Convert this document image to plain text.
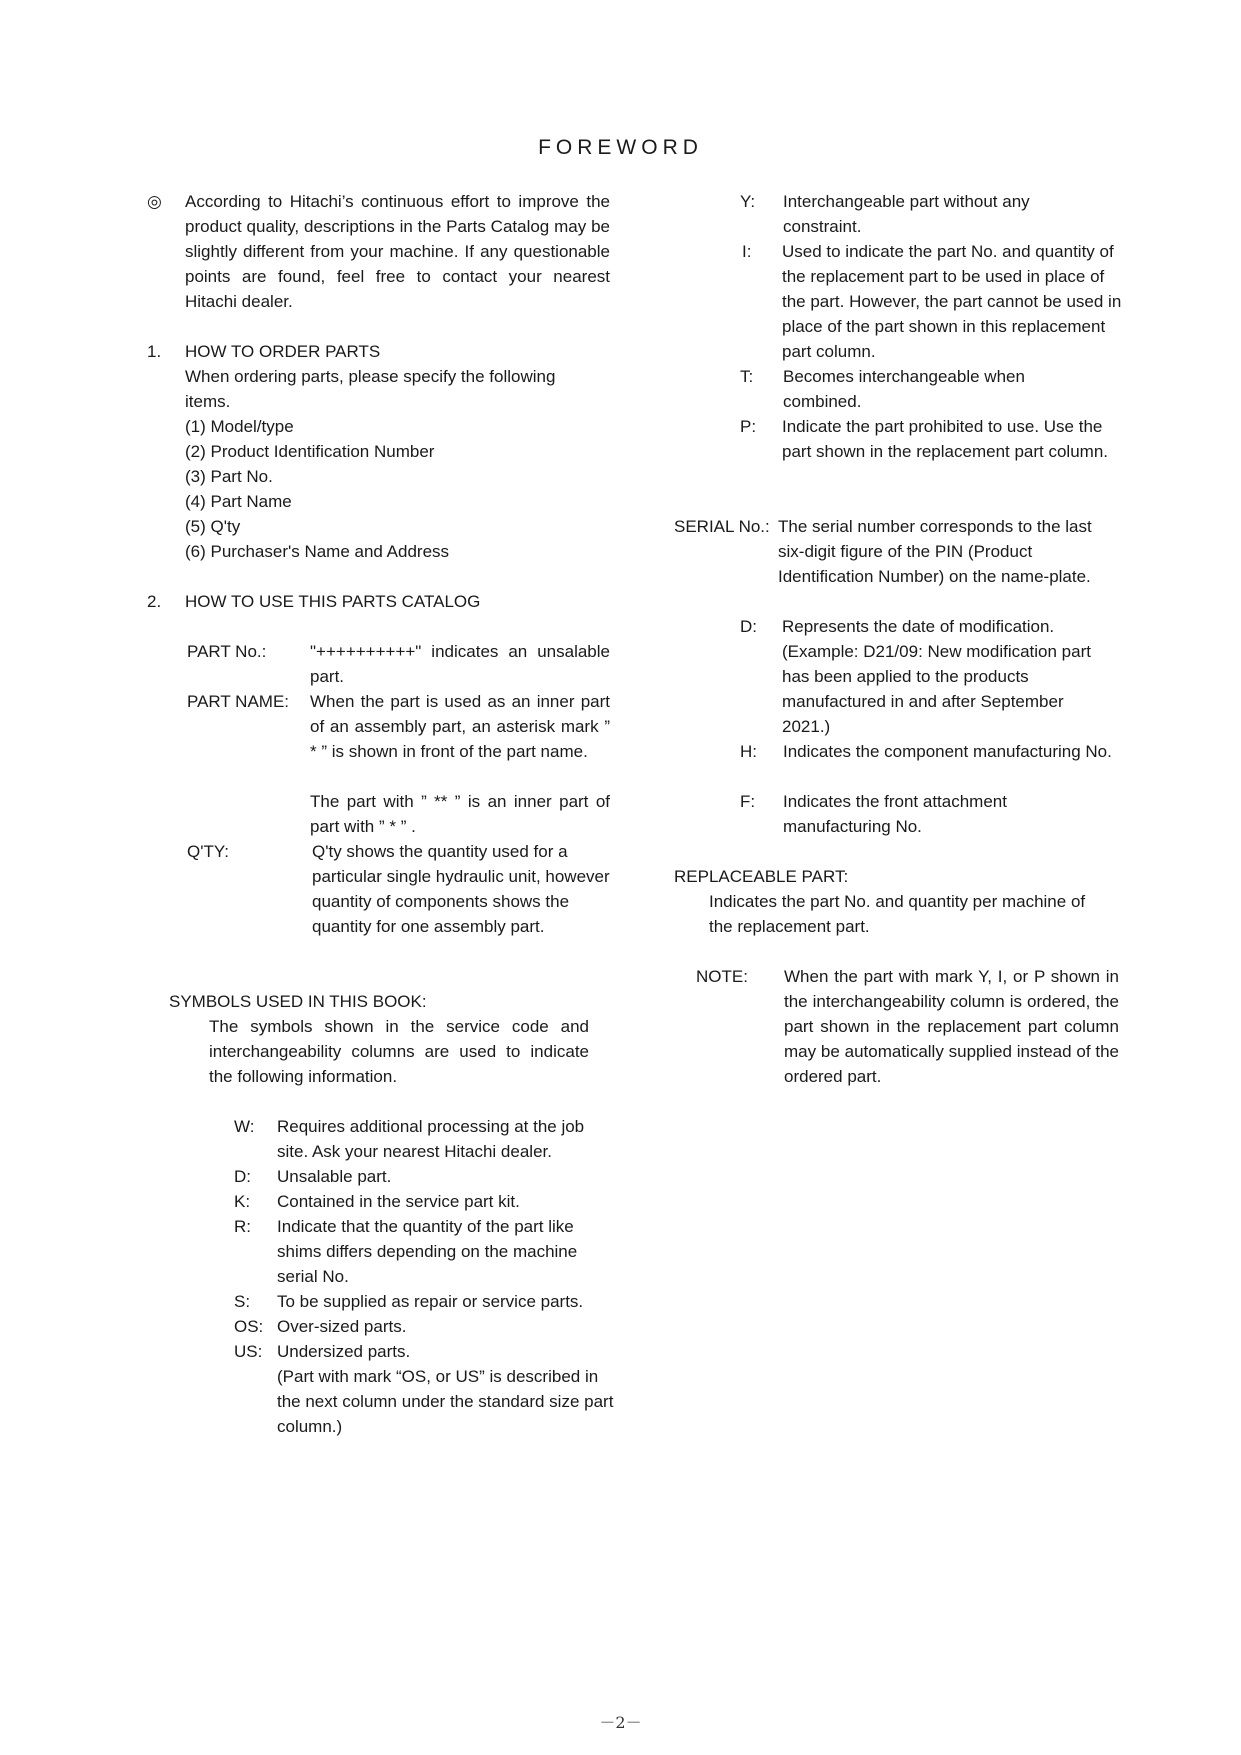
FOREWORD
◎ According to Hitachi’s continuous effort to improve the product quality, descriptions in the Parts Catalog may be slightly different from your machine. If any questionable points are found, feel free to contact your nearest Hitachi dealer.
1. HOW TO ORDER PARTS
When ordering parts, please specify the following items.
(1) Model/type
(2) Product Identification Number
(3) Part No.
(4) Part Name
(5) Q'ty
(6) Purchaser's Name and Address
2. HOW TO USE THIS PARTS CATALOG
PART No.:	"++++++++++" indicates an unsalable part.
PART NAME: When the part is used as an inner part of an assembly part, an asterisk mark ” * ” is shown in front of the part name.
The part with ” ** ” is an inner part of part with ” * ” .
Q'TY:	Q'ty shows the quantity used for a particular single hydraulic unit, however quantity of components shows the quantity for one assembly part.
SYMBOLS USED IN THIS BOOK:
The symbols shown in the service code and interchangeability columns are used to indicate the following information.
W: Requires additional processing at the job site. Ask your nearest Hitachi dealer.
D: Unsalable part.
K: Contained in the service part kit.
R: Indicate that the quantity of the part like shims differs depending on the machine serial No.
S: To be supplied as repair or service parts.
OS: Over-sized parts.
US: Undersized parts.
(Part with mark “OS, or US” is described in the next column under the standard size part column.)
Y: Interchangeable part without any constraint.
I: Used to indicate the part No. and quantity of the replacement part to be used in place of the part. However, the part cannot be used in place of the part shown in this replacement part column.
T: Becomes interchangeable when combined.
P: Indicate the part prohibited to use. Use the part shown in the replacement part column.
SERIAL No.: The serial number corresponds to the last six-digit figure of the PIN (Product Identification Number) on the name-plate.
D: Represents the date of modification. (Example: D21/09: New modification part has been applied to the products manufactured in and after September 2021.)
H: Indicates the component manufacturing No.
F: Indicates the front attachment manufacturing No.
REPLACEABLE PART:
Indicates the part No. and quantity per machine of the replacement part.
NOTE: When the part with mark Y, I, or P shown in the interchangeability column is ordered, the part shown in the replacement part column may be automatically supplied instead of the ordered part.
－2－
